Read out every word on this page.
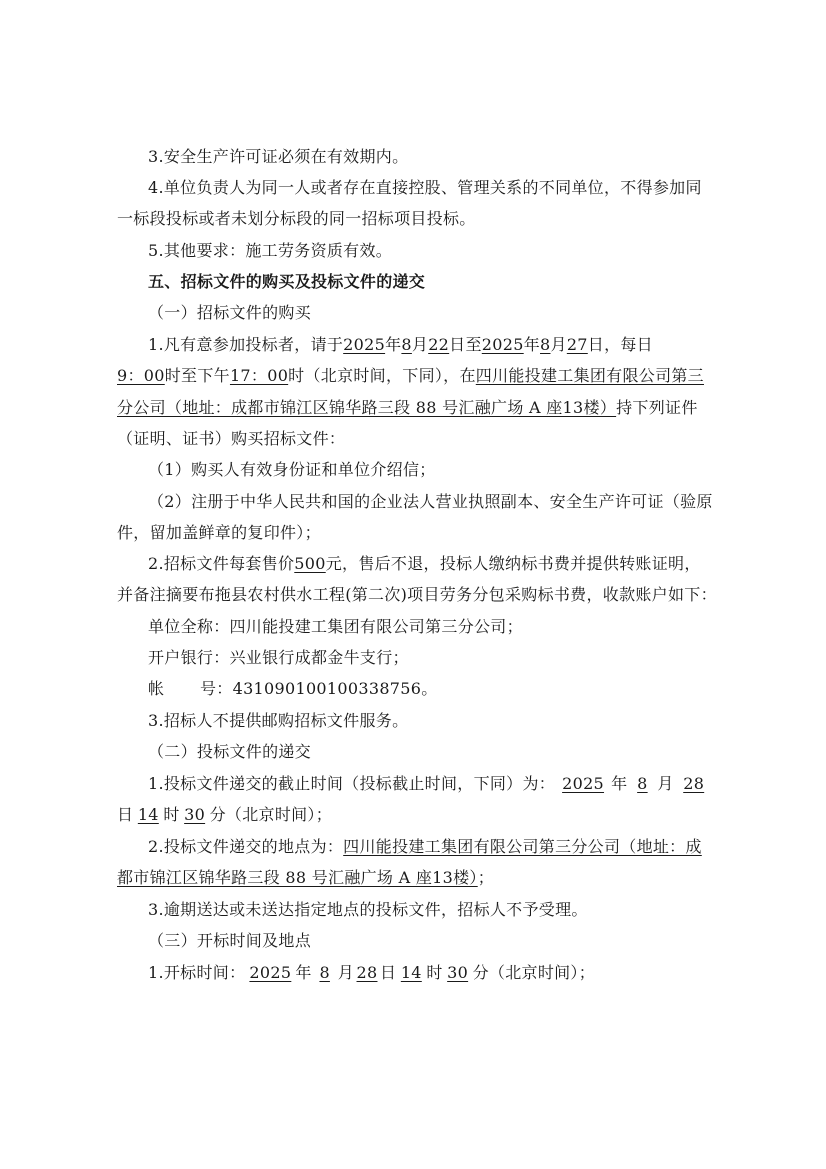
3.安全生产许可证必须在有效期内。
4.单位负责人为同一人或者存在直接控股、管理关系的不同单位，不得参加同
一标段投标或者未划分标段的同一招标项目投标。
5.其他要求：施工劳务资质有效。
五、招标文件的购买及投标文件的递交
（一）招标文件的购买
1.凡有意参加投标者，请于2025年8月22日至2025年8月27日，每日
9：00时至下午17：00时（北京时间，下同），在四川能投建工集团有限公司第三
分公司（地址：成都市锦江区锦华路三段 88 号汇融广场 A 座13楼）持下列证件
（证明、证书）购买招标文件：
（1）购买人有效身份证和单位介绍信；
（2）注册于中华人民共和国的企业法人营业执照副本、安全生产许可证（验原
件，留加盖鲜章的复印件）；
2.招标文件每套售价500元，售后不退，投标人缴纳标书费并提供转账证明，
并备注摘要布拖县农村供水工程(第二次)项目劳务分包采购标书费，收款账户如下：
单位全称：四川能投建工集团有限公司第三分公司；
开户银行：兴业银行成都金牛支行；
帐 号：431090100100338756。
3.招标人不提供邮购招标文件服务。
（二）投标文件的递交
1.投标文件递交的截止时间（投标截止时间，下同）为： 2025 年 8 月 28
日 14 时 30 分（北京时间）；
2.投标文件递交的地点为：四川能投建工集团有限公司第三分公司（地址：成
都市锦江区锦华路三段 88 号汇融广场 A 座13楼）；
3.逾期送达或未送达指定地点的投标文件，招标人不予受理。
（三）开标时间及地点
1.开标时间： 2025 年 8 月 28 日 14 时 30 分（北京时间）；
